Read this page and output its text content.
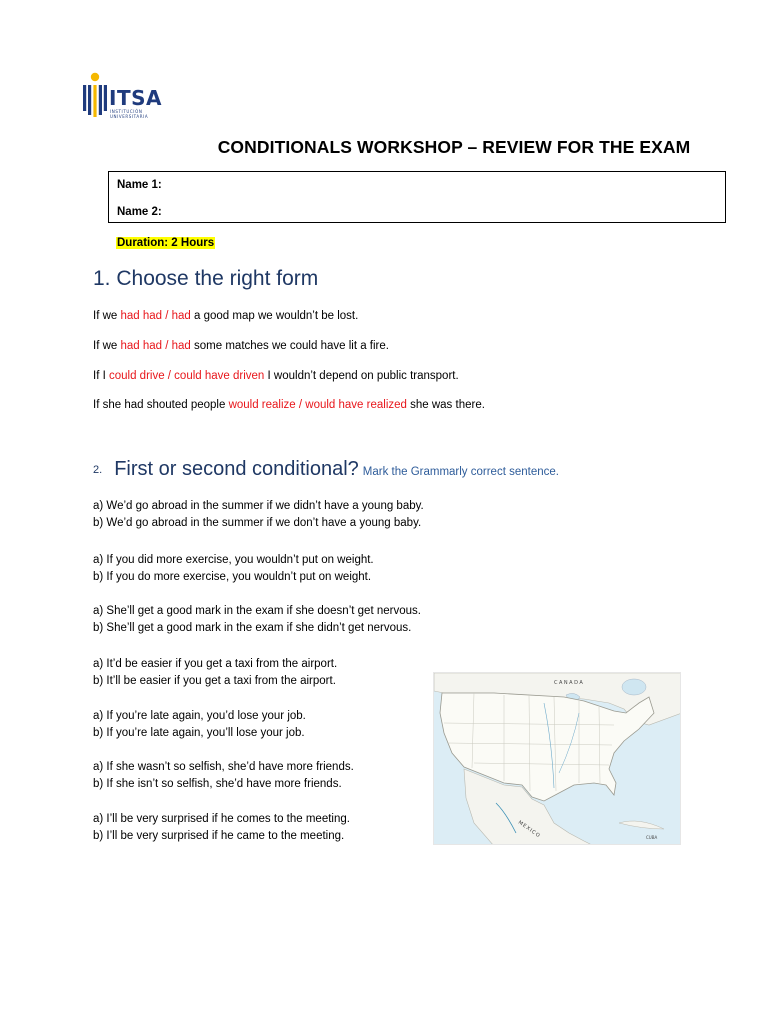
ITSA
INSTITUCIÓN UNIVERSITARIA
CONDITIONALS WORKSHOP – REVIEW FOR THE EXAM
Name 1:
Name 2:
Duration: 2 Hours
1. Choose the right form
If we had had / had a good map we wouldn’t be lost.
If we had had / had some matches we could have lit a fire.
If I could drive / could have driven I wouldn’t depend on public transport.
If she had shouted people would realize / would have realized she was there.
2. First or second conditional? Mark the Grammarly correct sentence.
a) We’d go abroad in the summer if we didn’t have a young baby.
b) We’d go abroad in the summer if we don’t have a young baby.
a) If you did more exercise, you wouldn’t put on weight.
b) If you do more exercise, you wouldn’t put on weight.
a) She’ll get a good mark in the exam if she doesn’t get nervous.
b) She’ll get a good mark in the exam if she didn’t get nervous.
a) It’d be easier if you get a taxi from the airport.
b) It’ll be easier if you get a taxi from the airport.
a) If you’re late again, you’d lose your job.
b) If you’re late again, you’ll lose your job.
a) If she wasn’t so selfish, she’d have more friends.
b) If she isn’t so selfish, she’d have more friends.
a) I’ll be very surprised if he comes to the meeting.
b) I’ll be very surprised if he came to the meeting.
CANADA
MEXICO	CUBA
